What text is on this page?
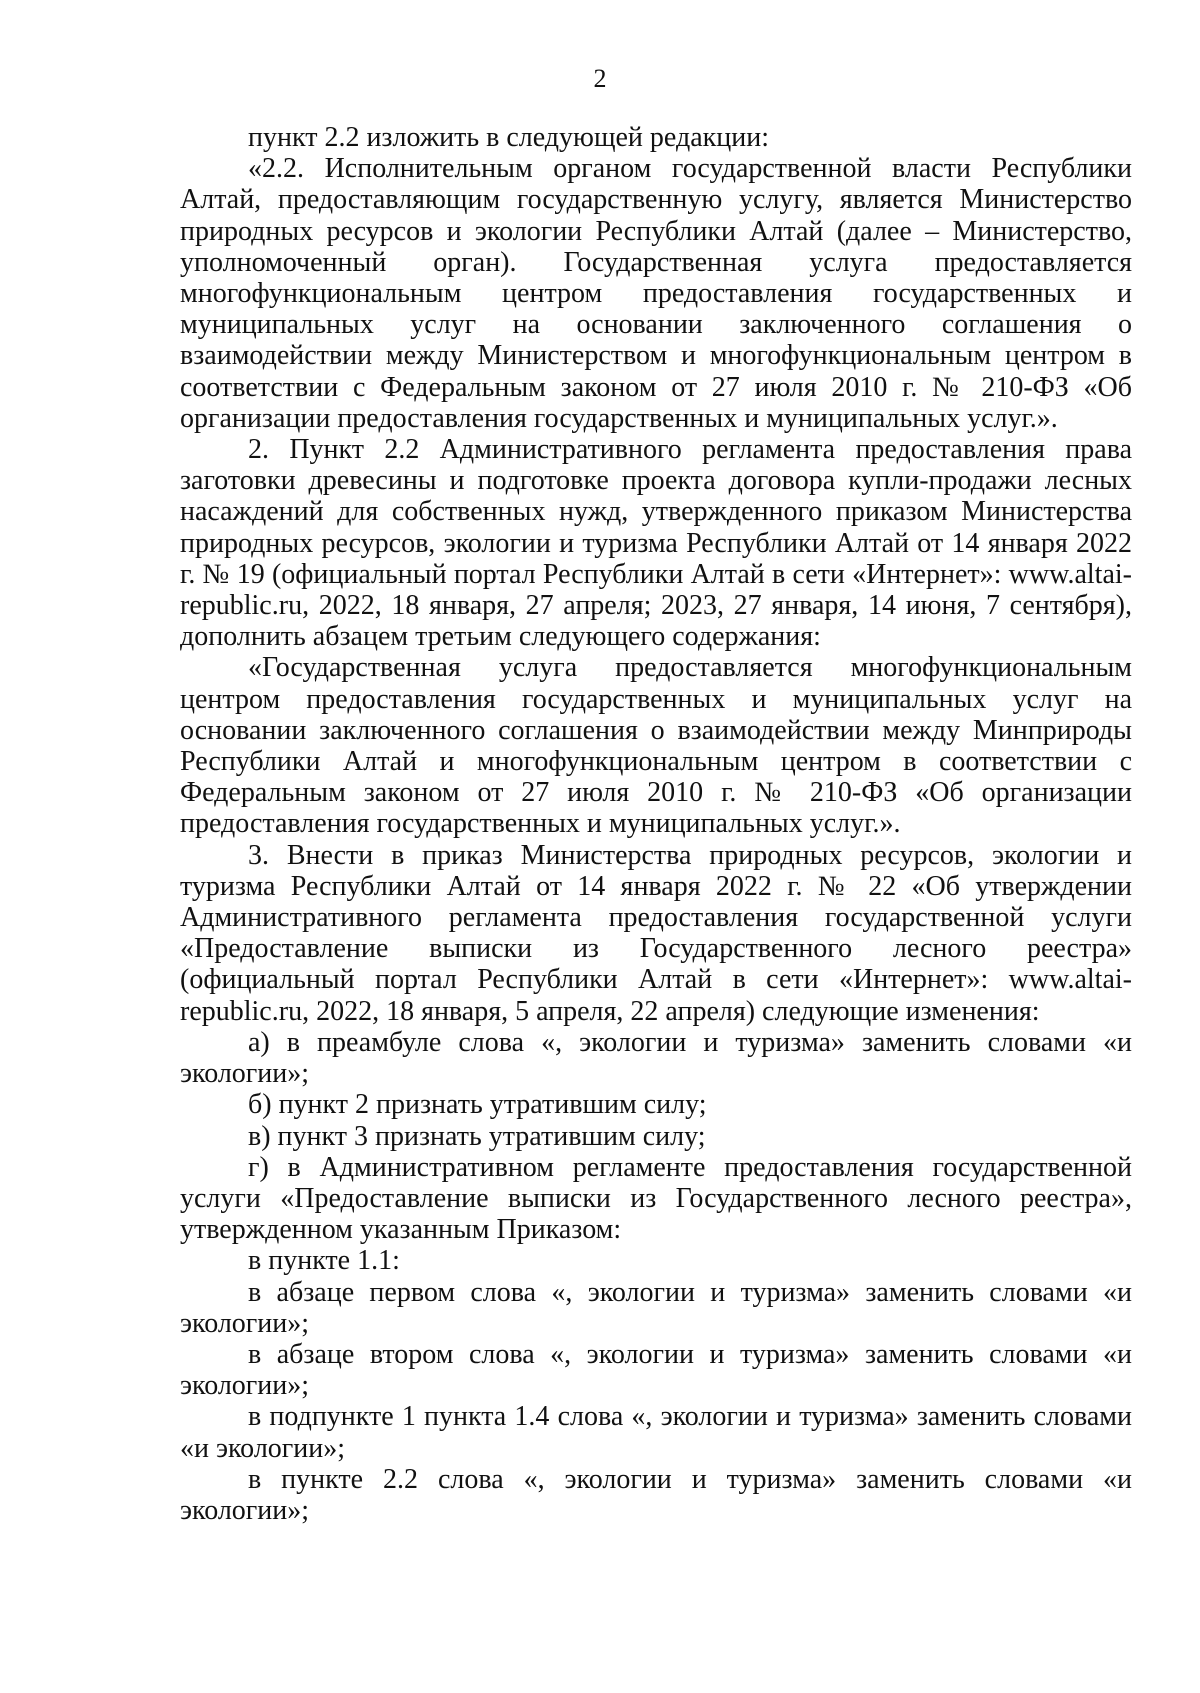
2

пункт 2.2 изложить в следующей редакции:

«2.2. Исполнительным органом государственной власти Республики Алтай, предоставляющим государственную услугу, является Министерство природных ресурсов и экологии Республики Алтай (далее – Министерство, уполномоченный орган). Государственная услуга предоставляется многофункциональным центром предоставления государственных и муниципальных услуг на основании заключенного соглашения о взаимодействии между Министерством и многофункциональным центром в соответствии с Федеральным законом от 27 июля 2010 г. № 210-ФЗ «Об организации предоставления государственных и муниципальных услуг.».

2. Пункт 2.2 Административного регламента предоставления права заготовки древесины и подготовке проекта договора купли-продажи лесных насаждений для собственных нужд, утвержденного приказом Министерства природных ресурсов, экологии и туризма Республики Алтай от 14 января 2022 г. № 19 (официальный портал Республики Алтай в сети «Интернет»: www.altai-republic.ru, 2022, 18 января, 27 апреля; 2023, 27 января, 14 июня, 7 сентября), дополнить абзацем третьим следующего содержания:

«Государственная услуга предоставляется многофункциональным центром предоставления государственных и муниципальных услуг на основании заключенного соглашения о взаимодействии между Минприроды Республики Алтай и многофункциональным центром в соответствии с Федеральным законом от 27 июля 2010 г. № 210-ФЗ «Об организации предоставления государственных и муниципальных услуг.».

3. Внести в приказ Министерства природных ресурсов, экологии и туризма Республики Алтай от 14 января 2022 г. № 22 «Об утверждении Административного регламента предоставления государственной услуги «Предоставление выписки из Государственного лесного реестра» (официальный портал Республики Алтай в сети «Интернет»: www.altai-republic.ru, 2022, 18 января, 5 апреля, 22 апреля) следующие изменения:

а) в преамбуле слова «, экологии и туризма» заменить словами «и экологии»;

б) пункт 2 признать утратившим силу;

в) пункт 3 признать утратившим силу;

г) в Административном регламенте предоставления государственной услуги «Предоставление выписки из Государственного лесного реестра», утвержденном указанным Приказом:

в пункте 1.1:

в абзаце первом слова «, экологии и туризма» заменить словами «и экологии»;

в абзаце втором слова «, экологии и туризма» заменить словами «и экологии»;

в подпункте 1 пункта 1.4 слова «, экологии и туризма» заменить словами «и экологии»;

в пункте 2.2 слова «, экологии и туризма» заменить словами «и экологии»;
